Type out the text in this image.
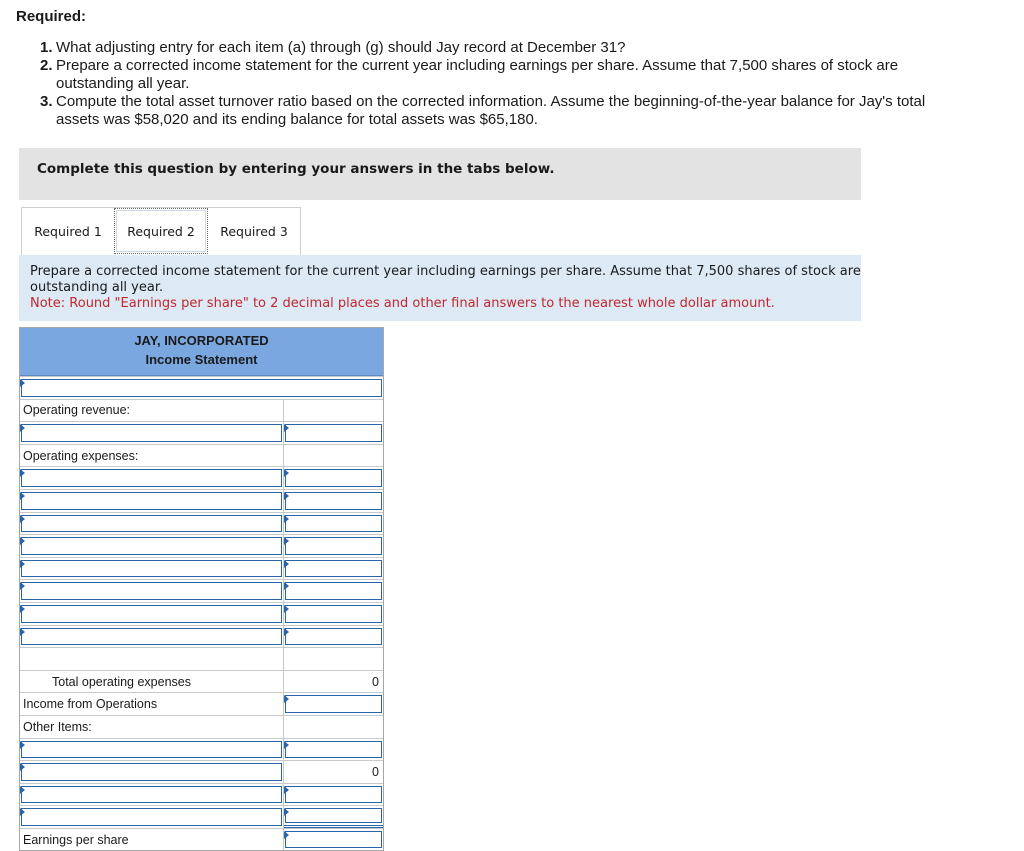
Required:
1. What adjusting entry for each item (a) through (g) should Jay record at December 31?
2. Prepare a corrected income statement for the current year including earnings per share. Assume that 7,500 shares of stock are outstanding all year.
3. Compute the total asset turnover ratio based on the corrected information. Assume the beginning-of-the-year balance for Jay's total assets was $58,020 and its ending balance for total assets was $65,180.
Complete this question by entering your answers in the tabs below.
Required 1	Required 2	Required 3
Prepare a corrected income statement for the current year including earnings per share. Assume that 7,500 shares of stock are outstanding all year.
Note: Round "Earnings per share" to 2 decimal places and other final answers to the nearest whole dollar amount.
JAY, INCORPORATED
Income Statement
Operating revenue:
Operating expenses:
Total operating expenses	0
Income from Operations
Other Items:
0
Earnings per share
